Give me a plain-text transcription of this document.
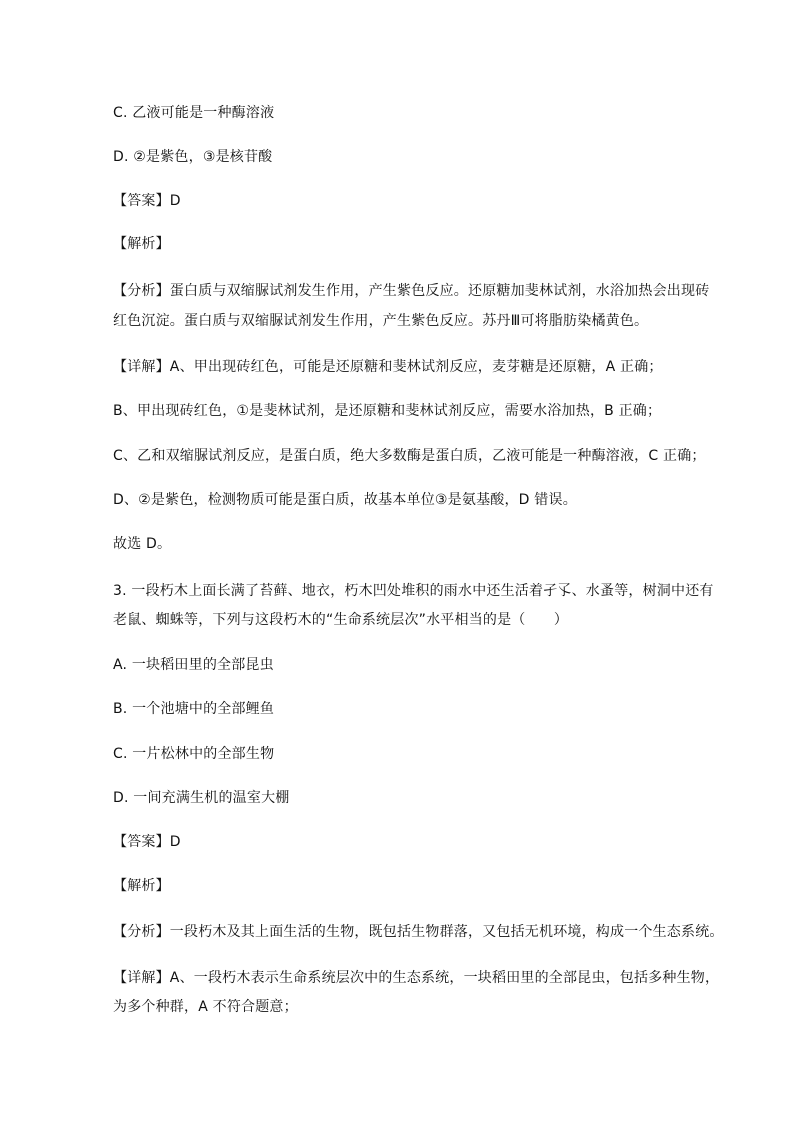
C. 乙液可能是一种酶溶液
D. ②是紫色，③是核苷酸
【答案】D
【解析】
【分析】蛋白质与双缩脲试剂发生作用，产生紫色反应。还原糖加斐林试剂，水浴加热会出现砖
红色沉淀。蛋白质与双缩脲试剂发生作用，产生紫色反应。苏丹Ⅲ可将脂肪染橘黄色。
【详解】A、甲出现砖红色，可能是还原糖和斐林试剂反应，麦芽糖是还原糖，A 正确；
B、甲出现砖红色，①是斐林试剂，是还原糖和斐林试剂反应，需要水浴加热，B 正确；
C、乙和双缩脲试剂反应，是蛋白质，绝大多数酶是蛋白质，乙液可能是一种酶溶液，C 正确；
D、②是紫色，检测物质可能是蛋白质，故基本单位③是氨基酸，D 错误。
故选 D。
3. 一段朽木上面长满了苔藓、地衣，朽木凹处堆积的雨水中还生活着孑孓、水蚤等，树洞中还有
老鼠、蜘蛛等，下列与这段朽木的“生命系统层次”水平相当的是（　　）
A. 一块稻田里的全部昆虫
B. 一个池塘中的全部鲤鱼
C. 一片松林中的全部生物
D. 一间充满生机的温室大棚
【答案】D
【解析】
【分析】一段朽木及其上面生活的生物，既包括生物群落，又包括无机环境，构成一个生态系统。
【详解】A、一段朽木表示生命系统层次中的生态系统，一块稻田里的全部昆虫，包括多种生物，
为多个种群，A 不符合题意；
